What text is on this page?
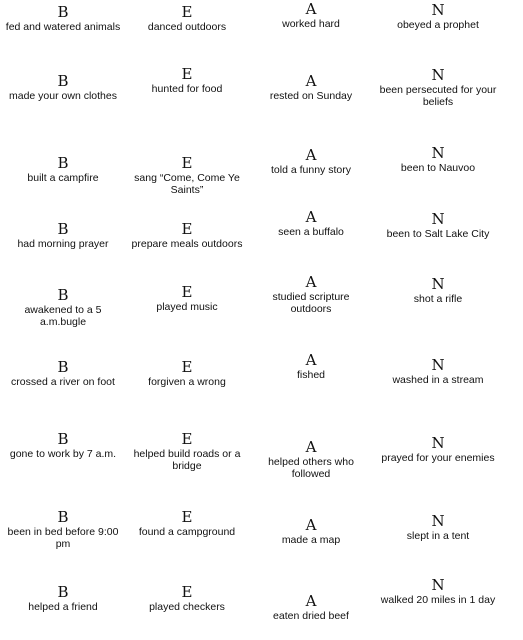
B
fed and watered animals
B
made your own clothes
B
built a campfire
B
had morning prayer
B
awakened to a 5 a.m.bugle
B
crossed a river on foot
B
gone to work by 7 a.m.
B
been in bed before 9:00 pm
B
helped a friend
E
danced outdoors
E
hunted for food
E
sang “Come, Come Ye Saints”
E
prepare meals outdoors
E
played music
E
forgiven a wrong
E
helped build roads or a bridge
E
found a campground
E
played checkers
A
worked hard
A
rested on Sunday
A
told a funny story
A
seen a buffalo
A
studied scripture outdoors
A
fished
A
helped others who followed
A
made a map
A
eaten dried beef
N
obeyed a prophet
N
been persecuted for your beliefs
N
been to Nauvoo
N
been to Salt Lake City
N
shot a rifle
N
washed in a stream
N
prayed for your enemies
N
slept in a tent
N
walked 20 miles in 1 day
